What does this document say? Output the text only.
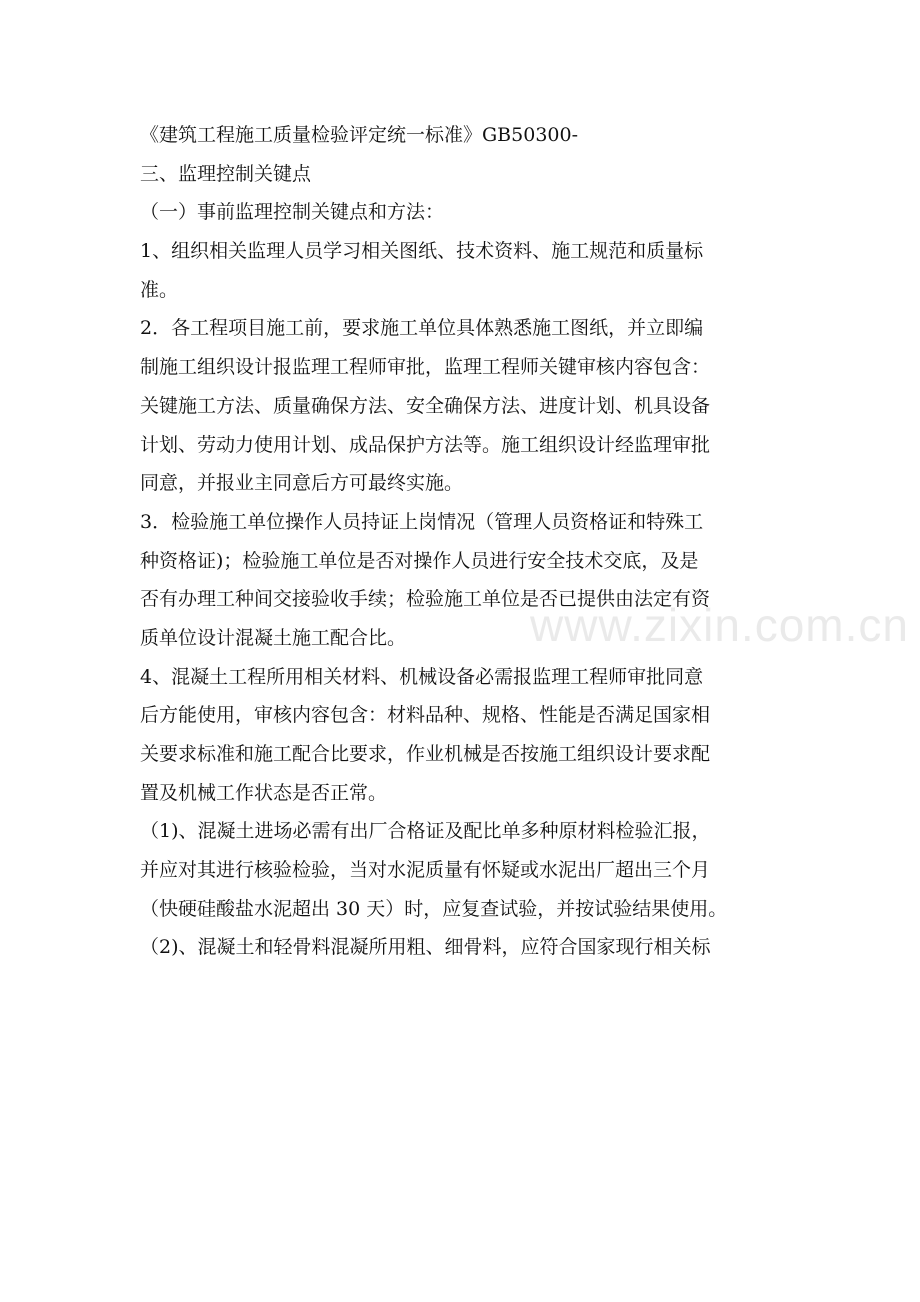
《建筑工程施工质量检验评定统一标准》GB50300-
三、监理控制关键点
（一）事前监理控制关键点和方法：
1、组织相关监理人员学习相关图纸、技术资料、施工规范和质量标
准。
2．各工程项目施工前，要求施工单位具体熟悉施工图纸，并立即编
制施工组织设计报监理工程师审批，监理工程师关键审核内容包含：
关键施工方法、质量确保方法、安全确保方法、进度计划、机具设备
计划、劳动力使用计划、成品保护方法等。施工组织设计经监理审批
同意，并报业主同意后方可最终实施。
3．检验施工单位操作人员持证上岗情况（管理人员资格证和特殊工
种资格证)；检验施工单位是否对操作人员进行安全技术交底，及是
否有办理工种间交接验收手续；检验施工单位是否已提供由法定有资
质单位设计混凝土施工配合比。
4、混凝土工程所用相关材料、机械设备必需报监理工程师审批同意
后方能使用，审核内容包含：材料品种、规格、性能是否满足国家相
关要求标准和施工配合比要求，作业机械是否按施工组织设计要求配
置及机械工作状态是否正常。
（1)、混凝土进场必需有出厂合格证及配比单多种原材料检验汇报，
并应对其进行核验检验，当对水泥质量有怀疑或水泥出厂超出三个月
（快硬硅酸盐水泥超出 30 天）时，应复查试验，并按试验结果使用。
（2)、混凝土和轻骨料混凝所用粗、细骨料，应符合国家现行相关标
www.zixin.com.cn
